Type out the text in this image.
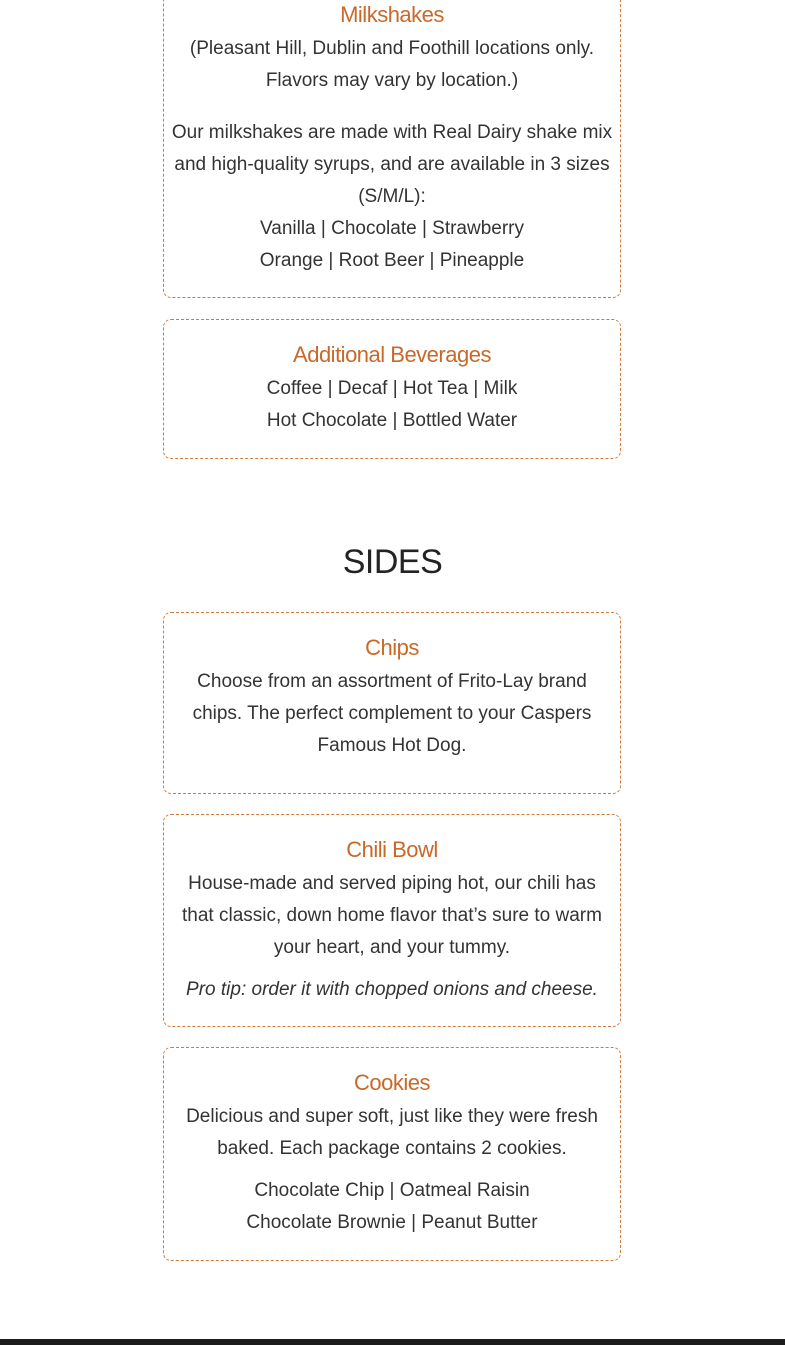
Milkshakes

(Pleasant Hill, Dublin and Foothill locations only.
Flavors may vary by location.)

Our milkshakes are made with Real Dairy shake mix
and high-quality syrups, and are available in 3 sizes
(S/M/L):
Vanilla | Chocolate | Strawberry
Orange | Root Beer | Pineapple

Additional Beverages

Coffee | Decaf | Hot Tea | Milk
Hot Chocolate | Bottled Water

SIDES
Chips

Choose from an assortment of Frito-Lay brand
chips. The perfect complement to your Caspers
Famous Hot Dog.

Chili Bowl

House-made and served piping hot, our chili has
that classic, down home flavor that’s sure to warm
your heart, and your tummy.

Pro tip: order it with chopped onions and cheese.

Cookies

Delicious and super soft, just like they were fresh
baked. Each package contains 2 cookies.

Chocolate Chip | Oatmeal Raisin
Chocolate Brownie | Peanut Butter
